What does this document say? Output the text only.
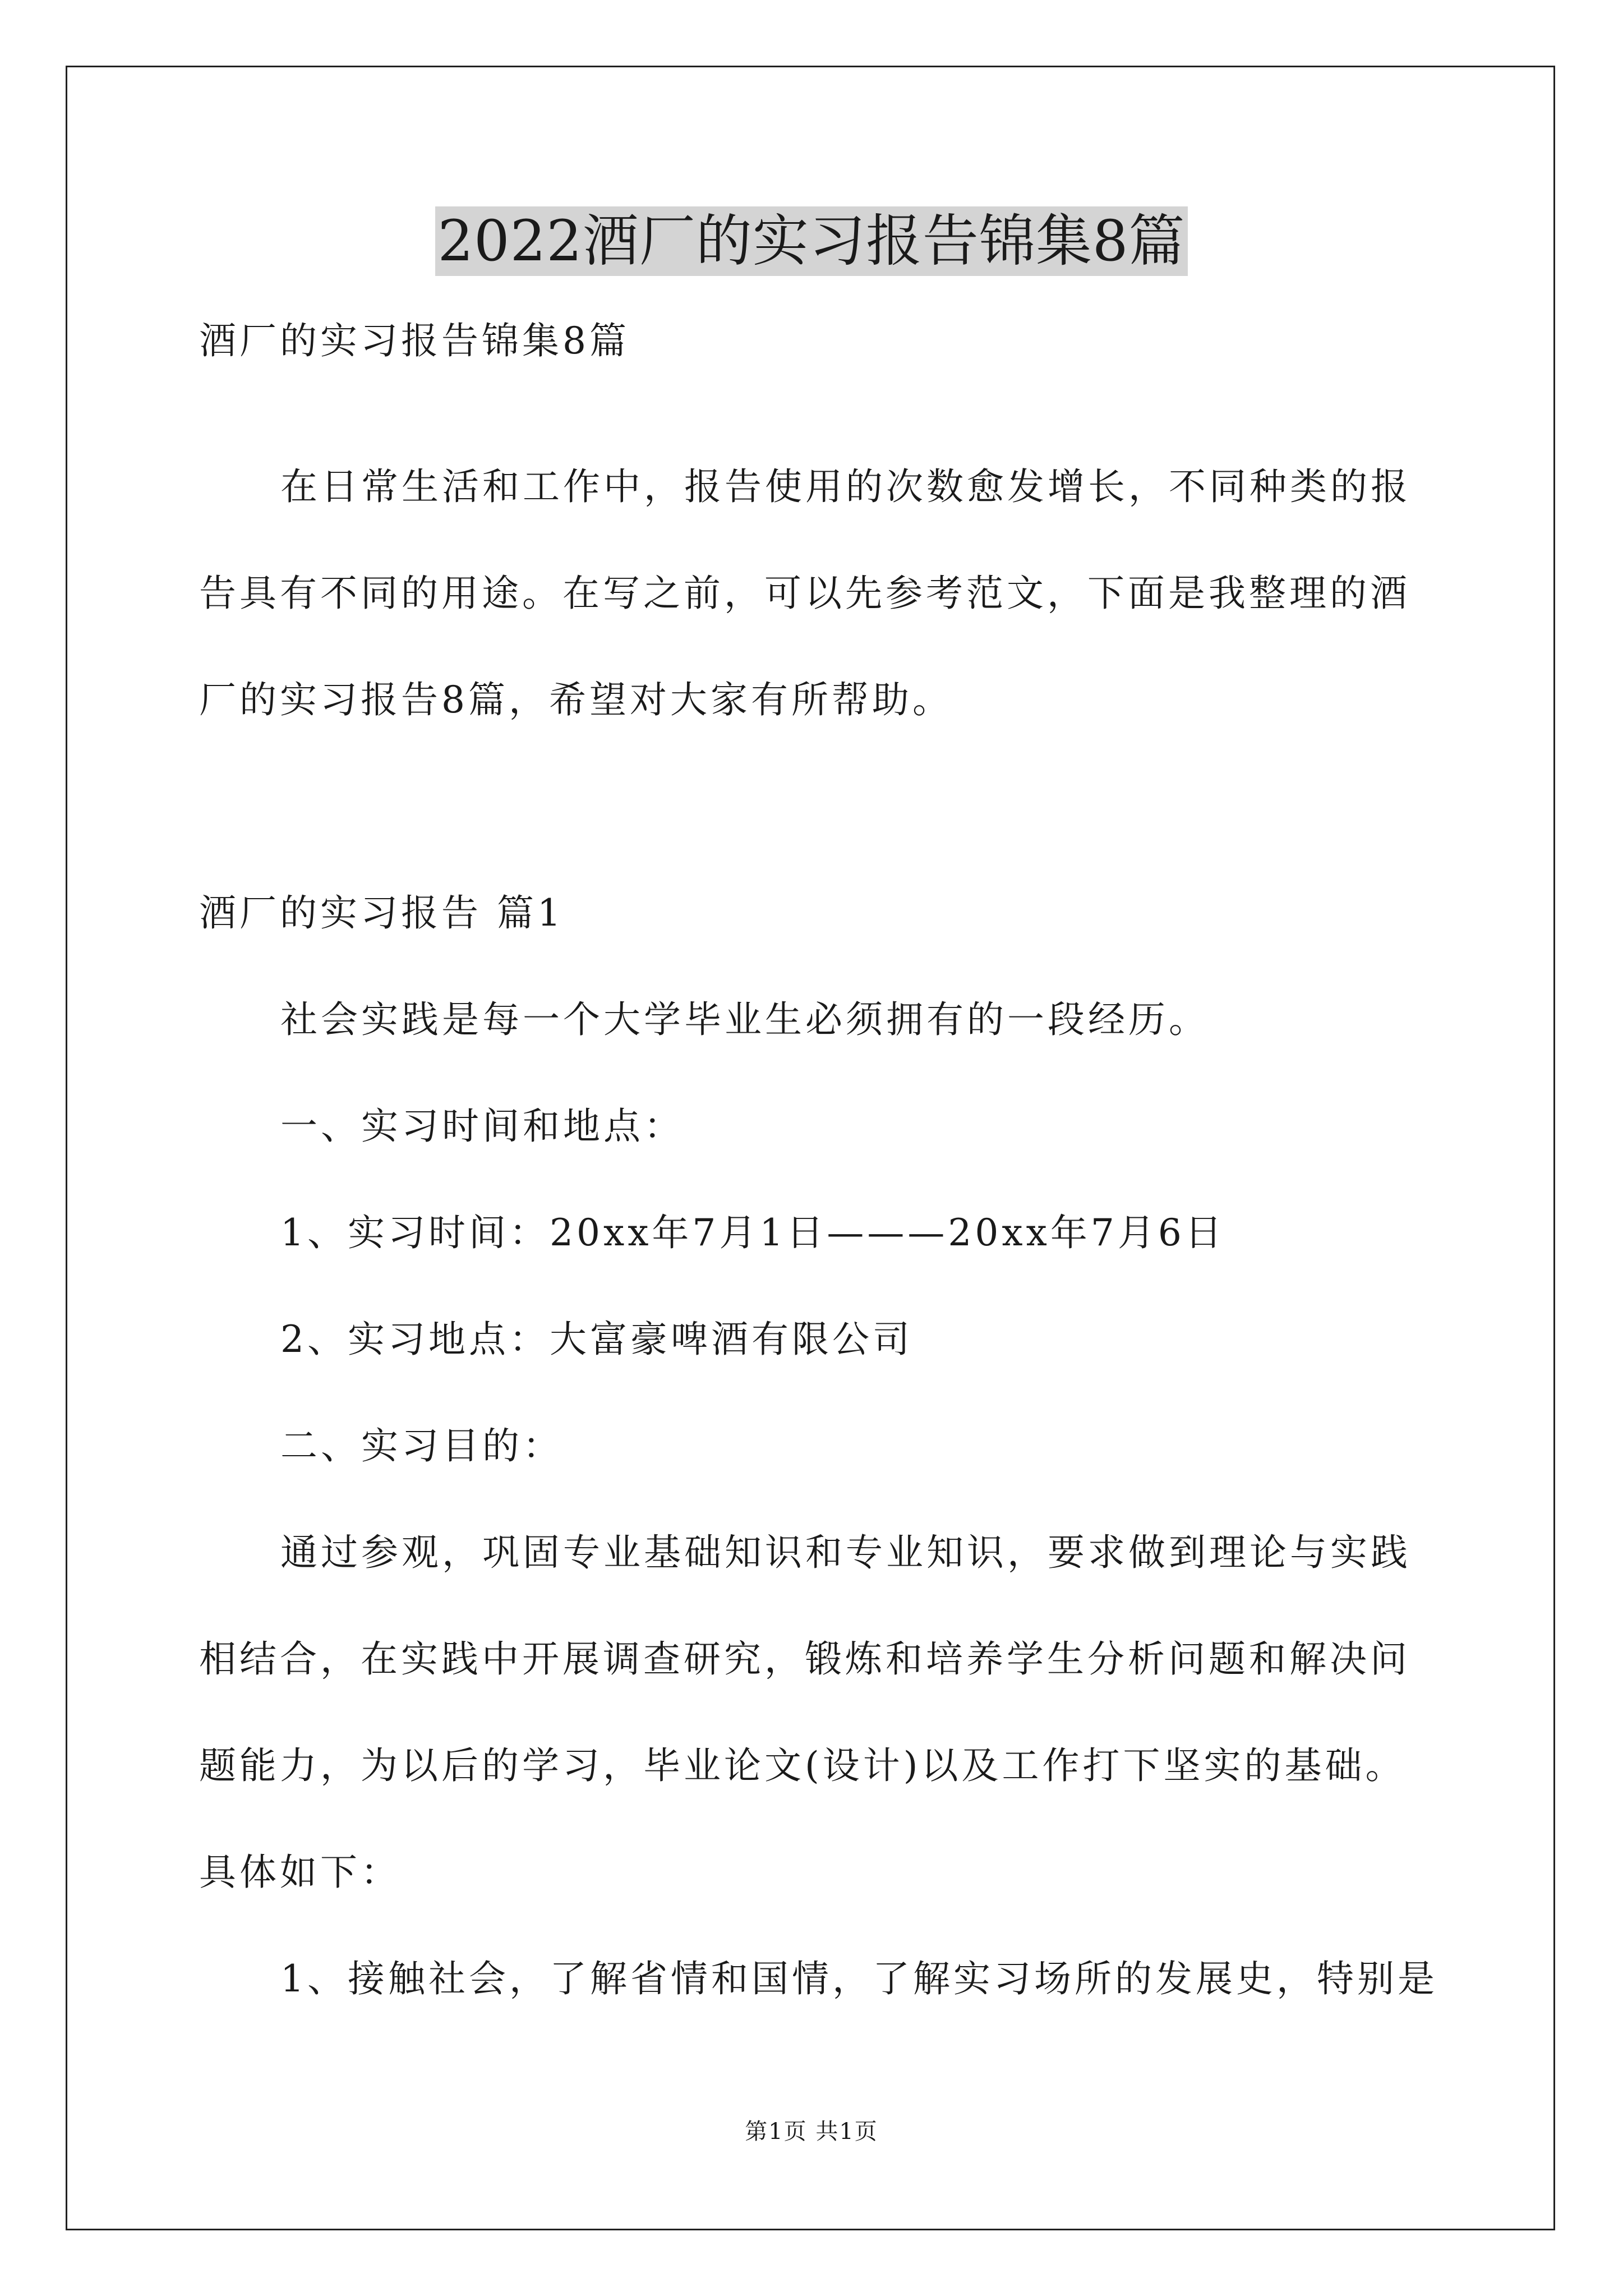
2022酒厂的实习报告锦集8篇
酒厂的实习报告锦集8篇
在日常生活和工作中，报告使用的次数愈发增长，不同种类的报
告具有不同的用途。在写之前，可以先参考范文，下面是我整理的酒
厂的实习报告8篇，希望对大家有所帮助。
酒厂的实习报告 篇1
社会实践是每一个大学毕业生必须拥有的一段经历。
一、实习时间和地点：
1、实习时间：20xx年7月1日———20xx年7月6日
2、实习地点：大富豪啤酒有限公司
二、实习目的：
通过参观，巩固专业基础知识和专业知识，要求做到理论与实践
相结合，在实践中开展调查研究，锻炼和培养学生分析问题和解决问
题能力，为以后的学习，毕业论文(设计)以及工作打下坚实的基础。
具体如下：
1、接触社会，了解省情和国情，了解实习场所的发展史，特别是
第1页 共1页
